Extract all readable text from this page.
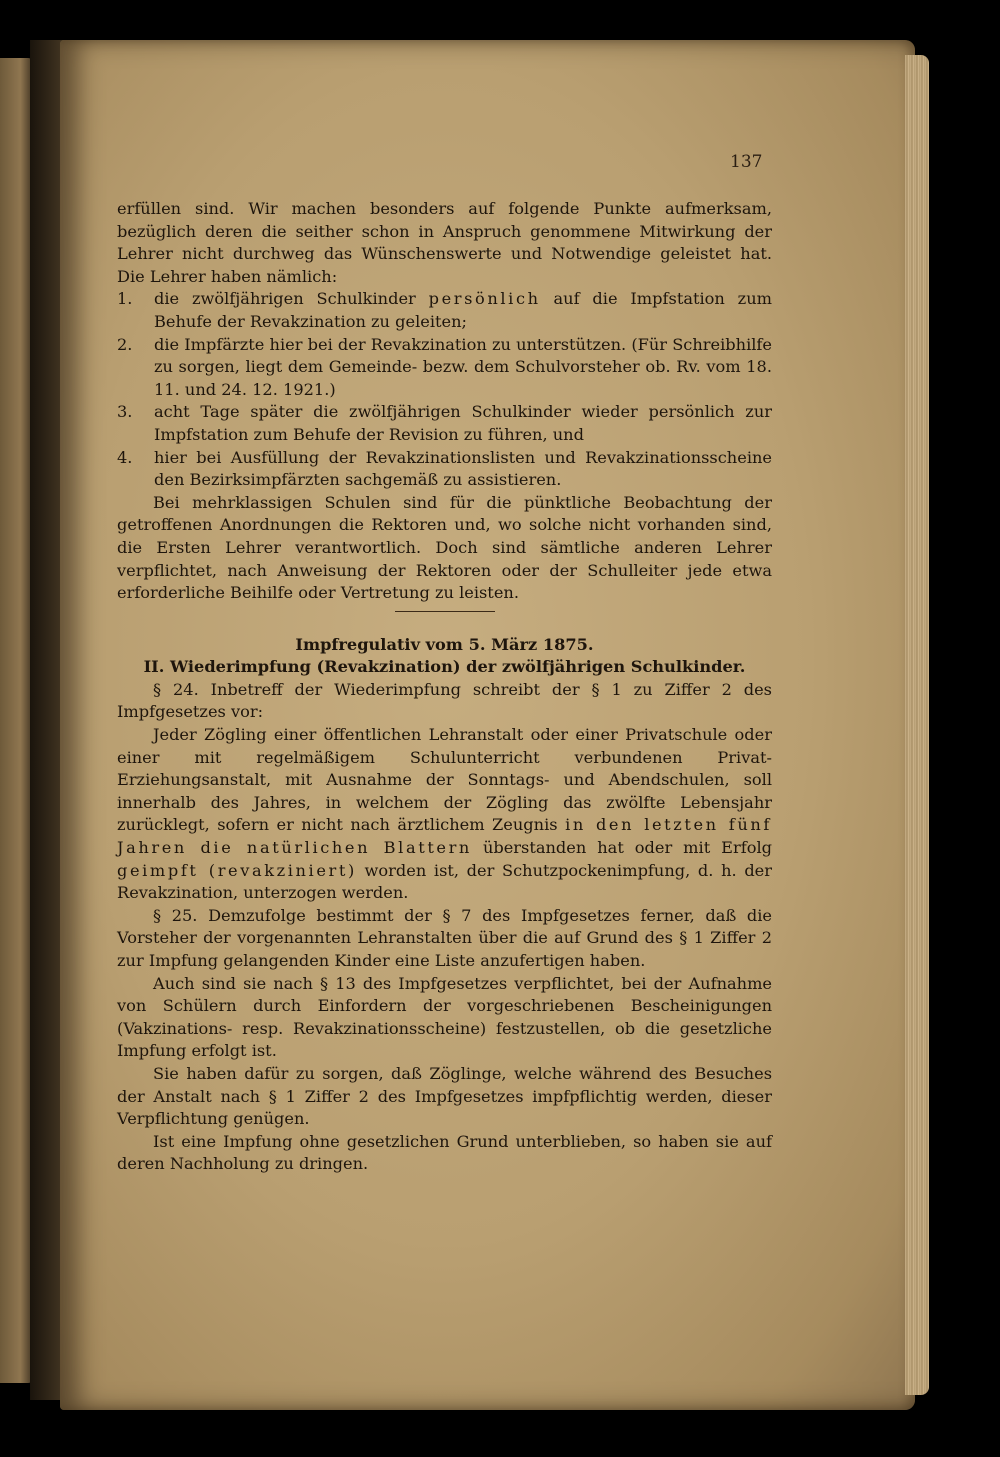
137

erfüllen sind. Wir machen besonders auf folgende Punkte aufmerksam, bezüglich deren die seither schon in Anspruch genommene Mitwirkung der Lehrer nicht durchweg das Wünschenswerte und Notwendige geleistet hat. Die Lehrer haben nämlich:

1. die zwölfjährigen Schulkinder persönlich auf die Impfstation zum Behufe der Revakzination zu geleiten;

2. die Impfärzte hier bei der Revakzination zu unterstützen. (Für Schreibhilfe zu sorgen, liegt dem Gemeinde- bezw. dem Schulvorsteher ob. Rv. vom 18. 11. und 24. 12. 1921.)

3. acht Tage später die zwölfjährigen Schulkinder wieder persönlich zur Impfstation zum Behufe der Revision zu führen, und

4. hier bei Ausfüllung der Revakzinationslisten und Revakzinationsscheine den Bezirksimpfärzten sachgemäß zu assistieren.

Bei mehrklassigen Schulen sind für die pünktliche Beobachtung der getroffenen Anordnungen die Rektoren und, wo solche nicht vorhanden sind, die Ersten Lehrer verantwortlich. Doch sind sämtliche anderen Lehrer verpflichtet, nach Anweisung der Rektoren oder der Schulleiter jede etwa erforderliche Beihilfe oder Vertretung zu leisten.

Impfregulativ vom 5. März 1875.

II. Wiederimpfung (Revakzination) der zwölfjährigen Schulkinder.

§ 24. Inbetreff der Wiederimpfung schreibt der § 1 zu Ziffer 2 des Impfgesetzes vor:

Jeder Zögling einer öffentlichen Lehranstalt oder einer Privatschule oder einer mit regelmäßigem Schulunterricht verbundenen Privat-Erziehungsanstalt, mit Ausnahme der Sonntags- und Abendschulen, soll innerhalb des Jahres, in welchem der Zögling das zwölfte Lebensjahr zurücklegt, sofern er nicht nach ärztlichem Zeugnis in den letzten fünf Jahren die natürlichen Blattern überstanden hat oder mit Erfolg geimpft (revakziniert) worden ist, der Schutzpockenimpfung, d. h. der Revakzination, unterzogen werden.

§ 25. Demzufolge bestimmt der § 7 des Impfgesetzes ferner, daß die Vorsteher der vorgenannten Lehranstalten über die auf Grund des § 1 Ziffer 2 zur Impfung gelangenden Kinder eine Liste anzufertigen haben.

Auch sind sie nach § 13 des Impfgesetzes verpflichtet, bei der Aufnahme von Schülern durch Einfordern der vorgeschriebenen Bescheinigungen (Vakzinations- resp. Revakzinationsscheine) festzustellen, ob die gesetzliche Impfung erfolgt ist.

Sie haben dafür zu sorgen, daß Zöglinge, welche während des Besuches der Anstalt nach § 1 Ziffer 2 des Impfgesetzes impfpflichtig werden, dieser Verpflichtung genügen.

Ist eine Impfung ohne gesetzlichen Grund unterblieben, so haben sie auf deren Nachholung zu dringen.
